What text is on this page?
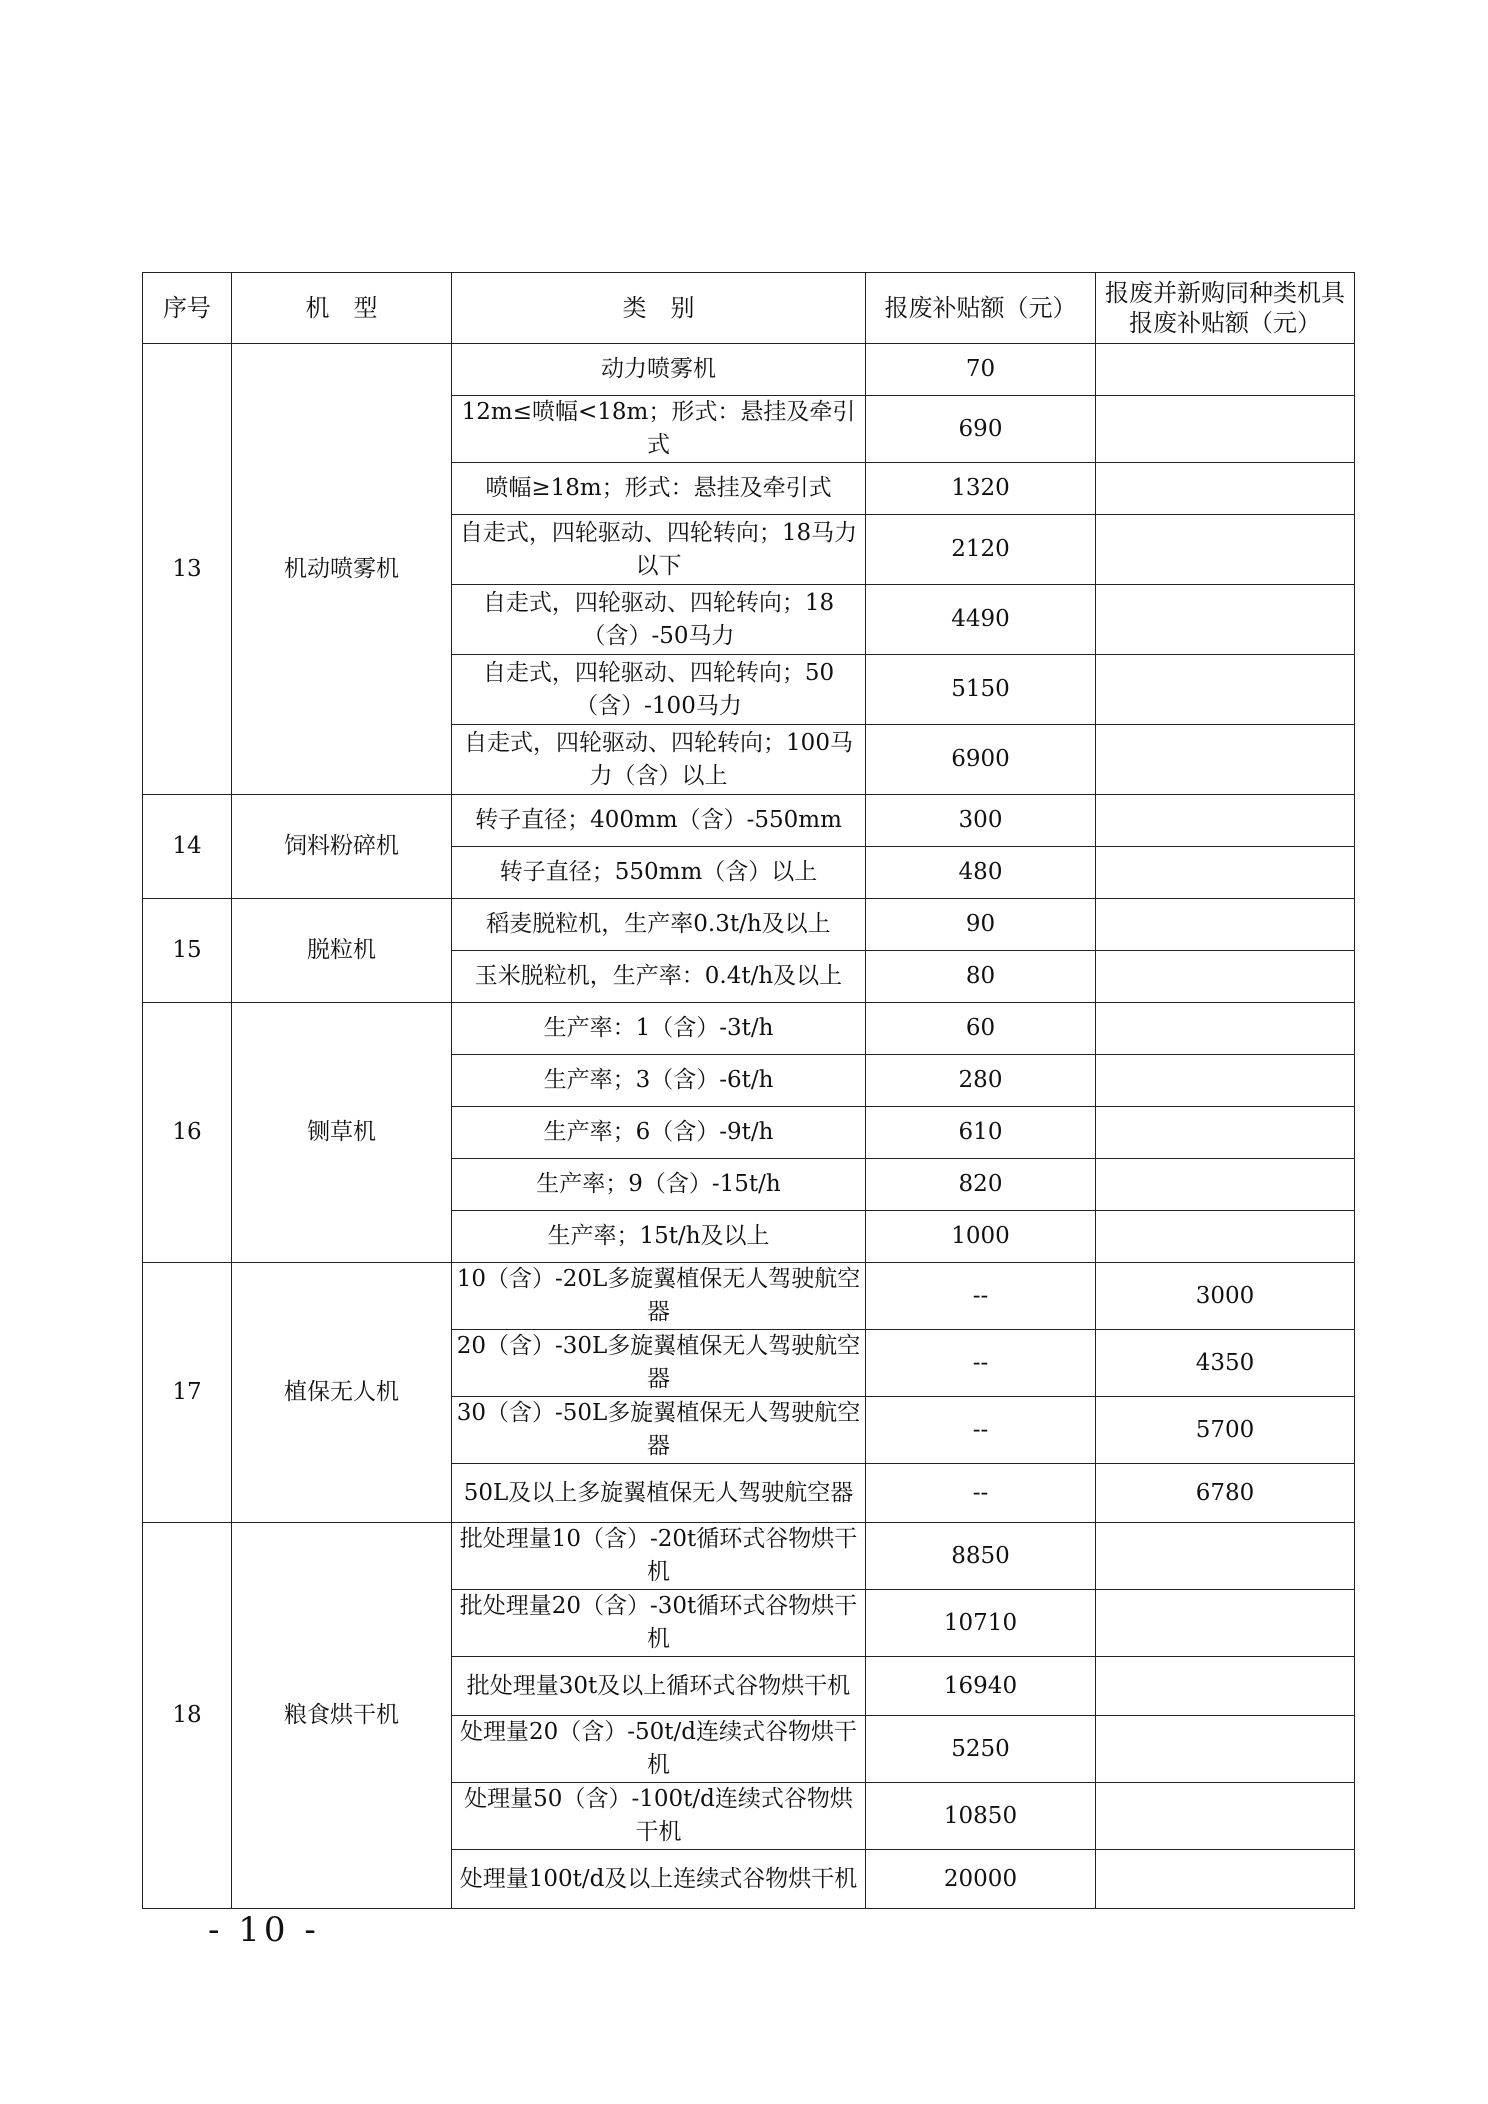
序号	机　型	类　别	报废补贴额（元）	报废并新购同种类机具报废补贴额（元）
13	机动喷雾机	动力喷雾机	70	
		12m≤喷幅<18m；形式：悬挂及牵引式	690	
		喷幅≥18m；形式：悬挂及牵引式	1320	
		自走式，四轮驱动、四轮转向；18马力以下	2120	
		自走式，四轮驱动、四轮转向；18（含）-50马力	4490	
		自走式，四轮驱动、四轮转向；50（含）-100马力	5150	
		自走式，四轮驱动、四轮转向；100马力（含）以上	6900	
14	饲料粉碎机	转子直径；400mm（含）-550mm	300	
		转子直径；550mm（含）以上	480	
15	脱粒机	稻麦脱粒机，生产率0.3t/h及以上	90	
		玉米脱粒机，生产率：0.4t/h及以上	80	
16	铡草机	生产率：1（含）-3t/h	60	
		生产率；3（含）-6t/h	280	
		生产率；6（含）-9t/h	610	
		生产率；9（含）-15t/h	820	
		生产率；15t/h及以上	1000	
17	植保无人机	10（含）-20L多旋翼植保无人驾驶航空器	--	3000
		20（含）-30L多旋翼植保无人驾驶航空器	--	4350
		30（含）-50L多旋翼植保无人驾驶航空器	--	5700
		50L及以上多旋翼植保无人驾驶航空器	--	6780
18	粮食烘干机	批处理量10（含）-20t循环式谷物烘干机	8850	
		批处理量20（含）-30t循环式谷物烘干机	10710	
		批处理量30t及以上循环式谷物烘干机	16940	
		处理量20（含）-50t/d连续式谷物烘干机	5250	
		处理量50（含）-100t/d连续式谷物烘干机	10850	
		处理量100t/d及以上连续式谷物烘干机	20000	
- 10 -
